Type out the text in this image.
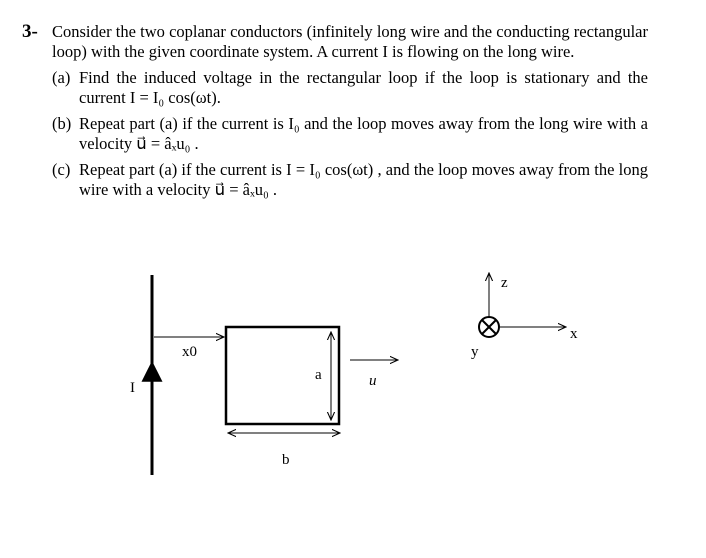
3- Consider the two coplanar conductors (infinitely long wire and the conducting rectangular loop) with the given coordinate system. A current I is flowing on the long wire.
(a) Find the induced voltage in the rectangular loop if the loop is stationary and the current I = I₀ cos(ωt).
(b) Repeat part (a) if the current is I₀ and the loop moves away from the long wire with a velocity u⃗ = âₓu₀ .
(c) Repeat part (a) if the current is I = I₀ cos(ωt) , and the loop moves away from the long wire with a velocity u⃗ = âₓu₀ .
I
x0
a
b
u⃗
z
x
y
